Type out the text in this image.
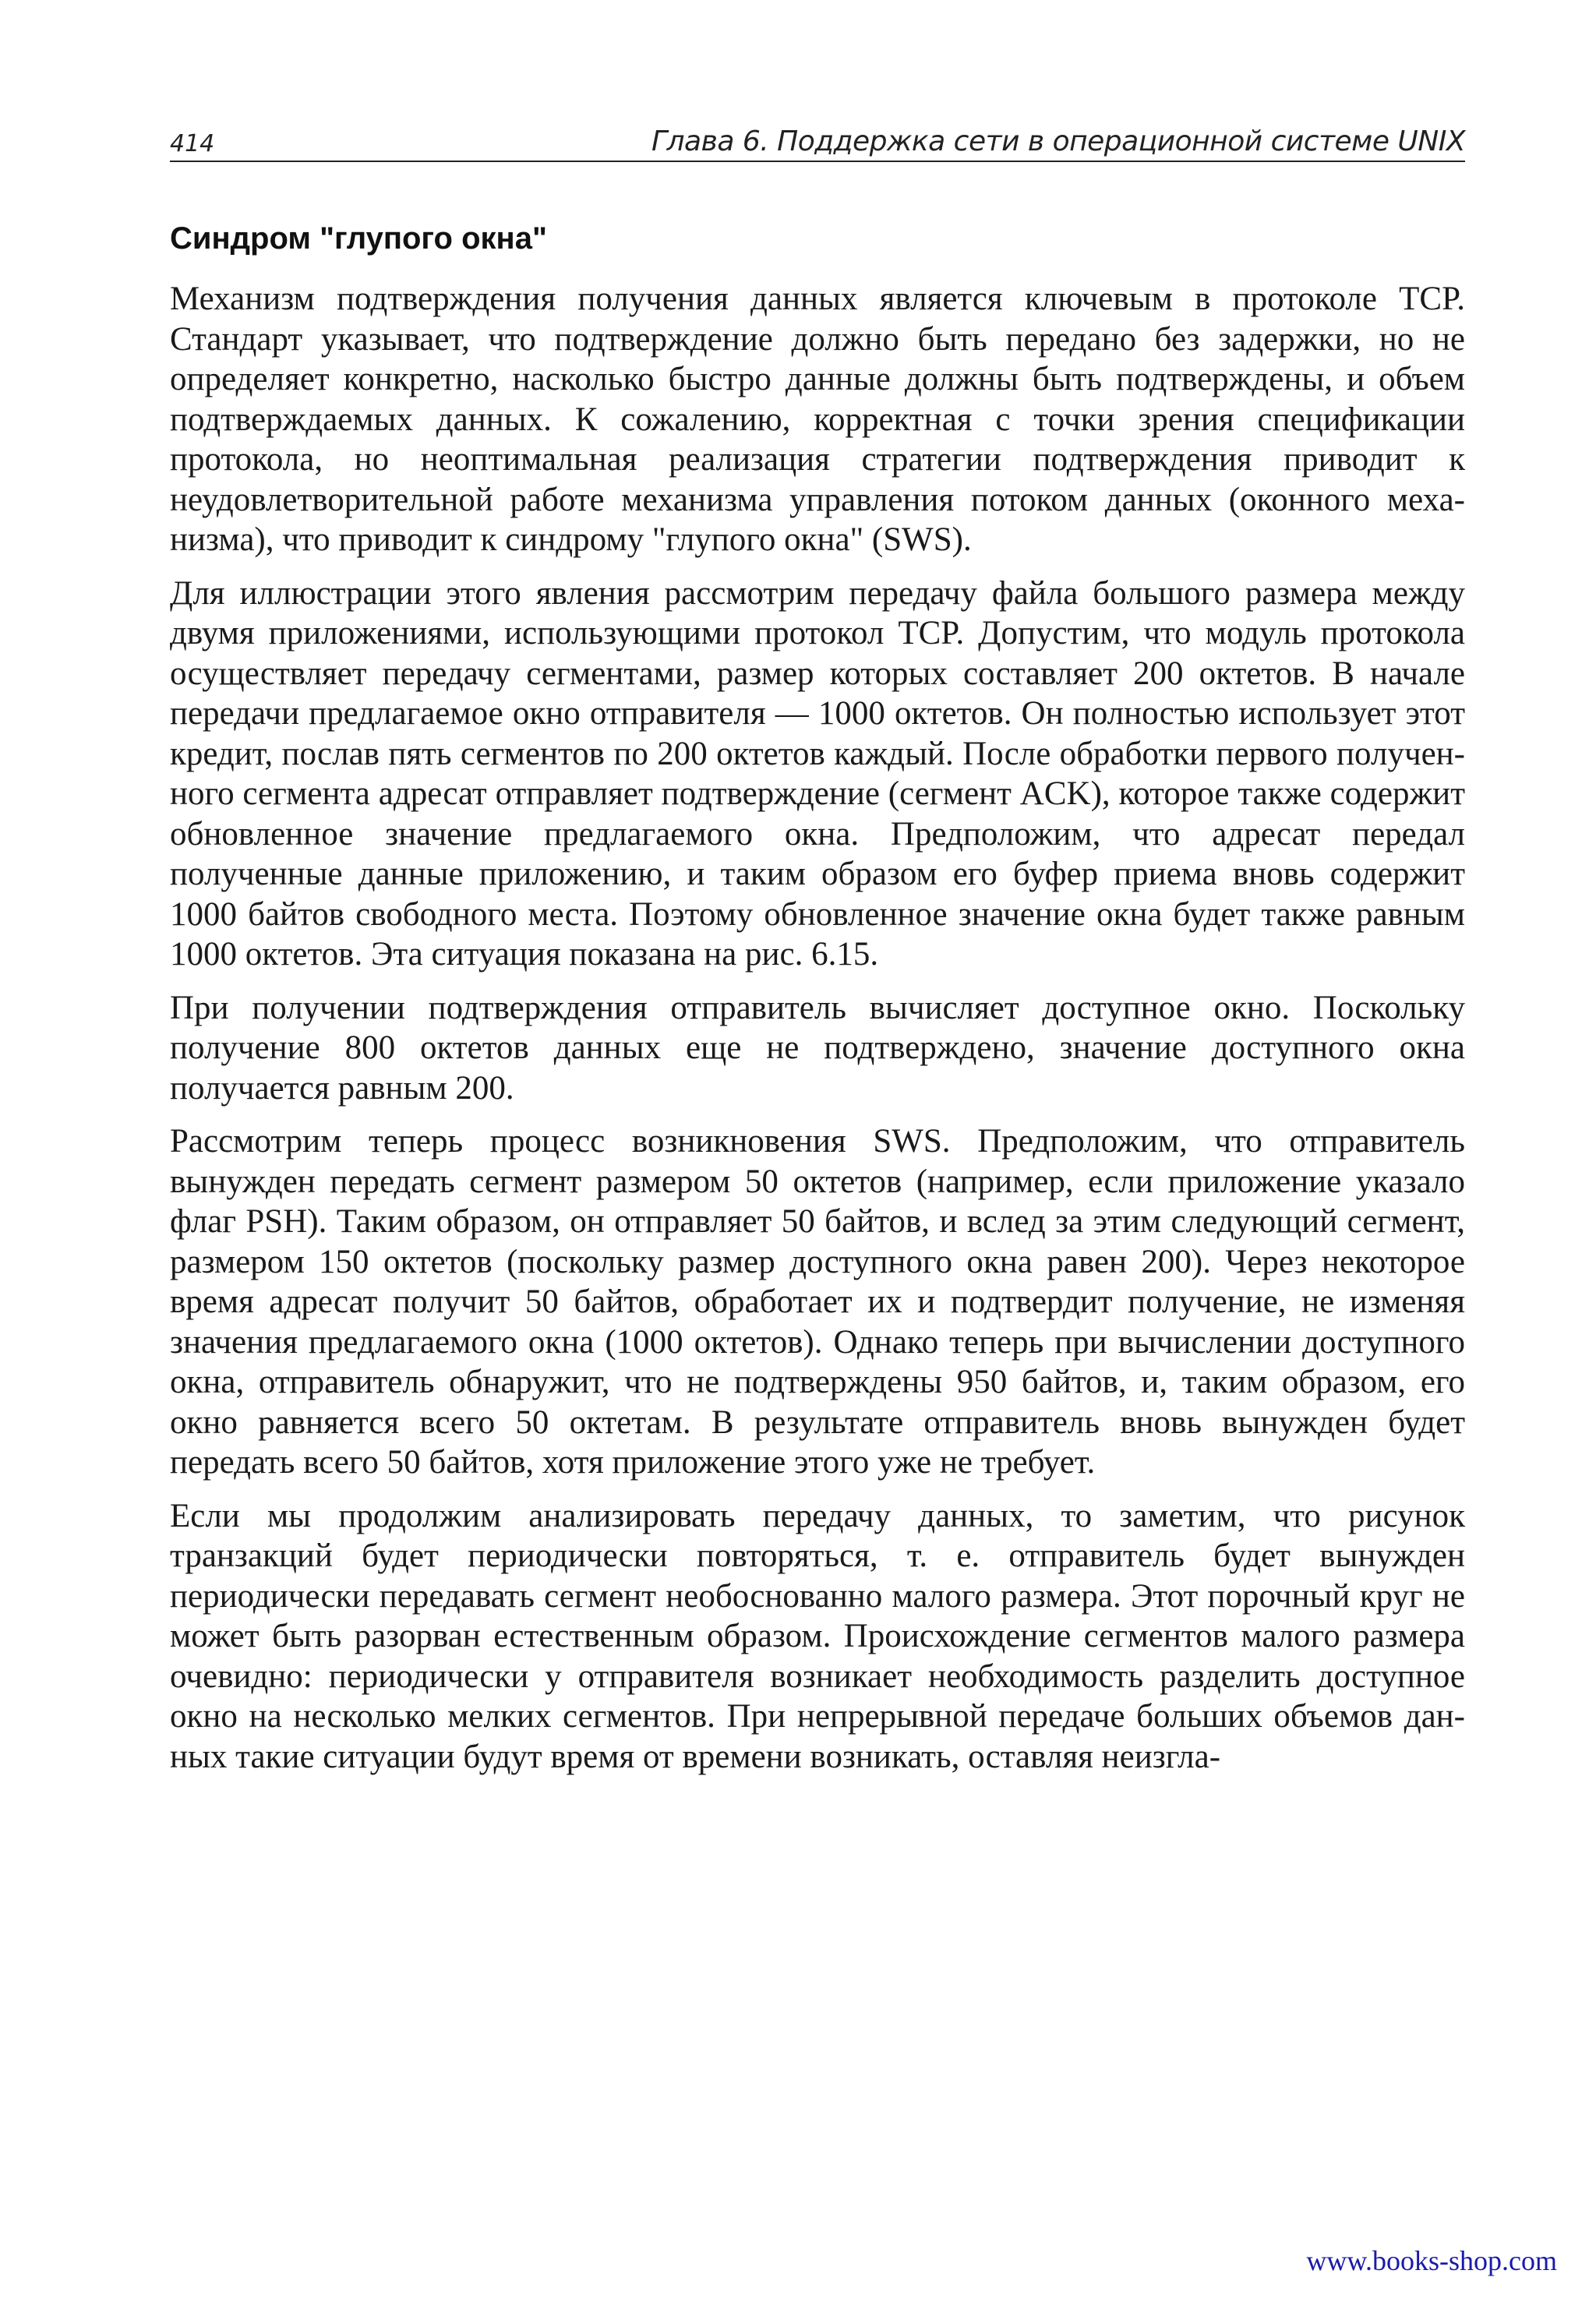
414	Глава 6. Поддержка сети в операционной системе UNIX
Синдром "глупого окна"

Механизм подтверждения получения данных является ключевым в протоколе TCP. Стандарт указывает, что подтверждение должно быть передано без задержки, но не определяет конкретно, насколько быстро данные должны быть подтверждены, и объем подтверждаемых данных. К сожалению, корректная с точки зрения спецификации протокола, но неоптимальная реализация стратегии подтверждения приводит к неудовлетворительной работе механизма управления потоком данных (оконного механизма), что приводит к синдрому "глупого окна" (SWS).

Для иллюстрации этого явления рассмотрим передачу файла большого размера между двумя приложениями, использующими протокол TCP. Допустим, что модуль протокола осуществляет передачу сегментами, размер которых составляет 200 октетов. В начале передачи предлагаемое окно отправителя — 1000 октетов. Он полностью использует этот кредит, послав пять сегментов по 200 октетов каждый. После обработки первого полученного сегмента адресат отправляет подтверждение (сегмент ACK), которое также содержит обновленное значение предлагаемого окна. Предположим, что адресат передал полученные данные приложению, и таким образом его буфер приема вновь содержит 1000 байтов свободного места. Поэтому обновленное значение окна будет также равным 1000 октетов. Эта ситуация показана на рис. 6.15.

При получении подтверждения отправитель вычисляет доступное окно. Поскольку получение 800 октетов данных еще не подтверждено, значение доступного окна получается равным 200.

Рассмотрим теперь процесс возникновения SWS. Предположим, что отправитель вынужден передать сегмент размером 50 октетов (например, если приложение указало флаг PSH). Таким образом, он отправляет 50 байтов, и вслед за этим следующий сегмент, размером 150 октетов (поскольку размер доступного окна равен 200). Через некоторое время адресат получит 50 байтов, обработает их и подтвердит получение, не изменяя значения предлагаемого окна (1000 октетов). Однако теперь при вычислении доступного окна, отправитель обнаружит, что не подтверждены 950 байтов, и, таким образом, его окно равняется всего 50 октетам. В результате отправитель вновь вынужден будет передать всего 50 байтов, хотя приложение этого уже не требует.

Если мы продолжим анализировать передачу данных, то заметим, что рисунок транзакций будет периодически повторяться, т. е. отправитель будет вынужден периодически передавать сегмент необоснованно малого размера. Этот порочный круг не может быть разорван естественным образом. Происхождение сегментов малого размера очевидно: периодически у отправителя возникает необходимость разделить доступное окно на несколько мелких сегментов. При непрерывной передаче больших объемов данных такие ситуации будут время от времени возникать, оставляя неизгла-

www.books-shop.com
